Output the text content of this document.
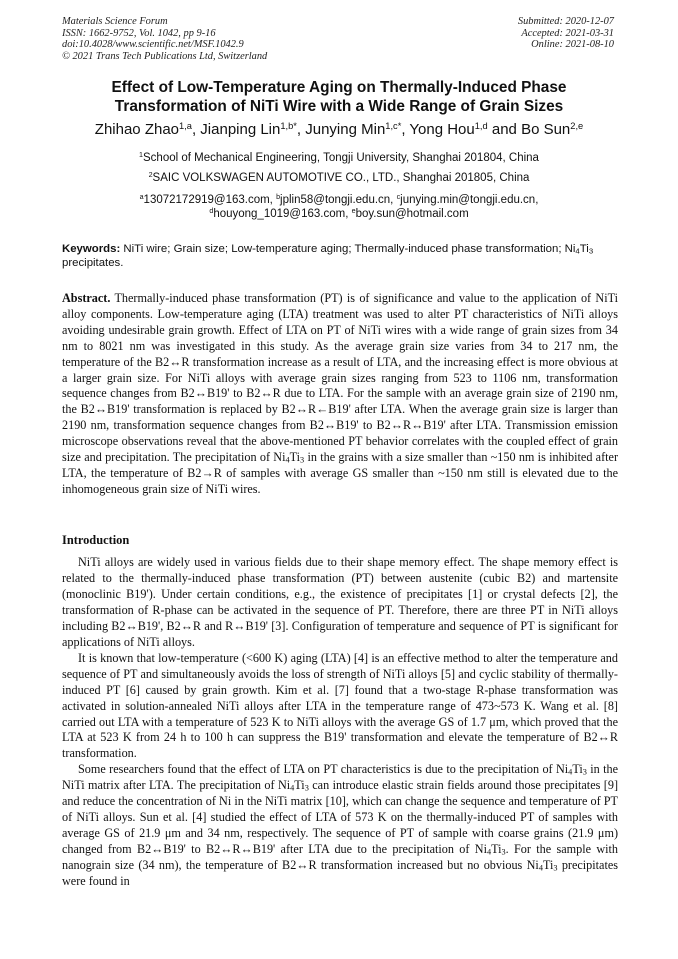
Materials Science Forum
ISSN: 1662-9752, Vol. 1042, pp 9-16
doi:10.4028/www.scientific.net/MSF.1042.9
© 2021 Trans Tech Publications Ltd, Switzerland
Submitted: 2020-12-07
Accepted: 2021-03-31
Online: 2021-08-10
Effect of Low-Temperature Aging on Thermally-Induced Phase
Transformation of NiTi Wire with a Wide Range of Grain Sizes
Zhihao Zhao$^{1,a}$, Jianping Lin$^{1,b*}$, Junying Min$^{1,c*}$, Yong Hou$^{1,d}$ and Bo Sun$^{2,e}$
$^1$School of Mechanical Engineering, Tongji University, Shanghai 201804, China
$^2$SAIC VOLKSWAGEN AUTOMOTIVE CO., LTD., Shanghai 201805, China
$^a$13072172919@163.com, $^b$jplin58@tongji.edu.cn, $^c$junying.min@tongji.edu.cn,
$^d$houyong_1019@163.com, $^e$boy.sun@hotmail.com
Keywords: NiTi wire; Grain size; Low-temperature aging; Thermally-induced phase transformation; $Ni_4Ti_3$ precipitates.
Abstract. Thermally-induced phase transformation (PT) is of significance and value to the application of NiTi alloy components. Low-temperature aging (LTA) treatment was used to alter PT characteristics of NiTi alloys avoiding undesirable grain growth. Effect of LTA on PT of NiTi wires with a wide range of grain sizes from 34 nm to 8021 nm was investigated in this study. As the average grain size varies from 34 to 217 nm, the temperature of the B2↔R transformation increase as a result of LTA, and the increasing effect is more obvious at a larger grain size. For NiTi alloys with average grain sizes ranging from 523 to 1106 nm, transformation sequence changes from B2↔B19' to B2↔R due to LTA. For the sample with an average grain size of 2190 nm, the B2↔B19' transformation is replaced by B2↔R←B19' after LTA. When the average grain size is larger than 2190 nm, transformation sequence changes from B2↔B19' to B2↔R↔B19' after LTA. Transmission emission microscope observations reveal that the above-mentioned PT behavior correlates with the coupled effect of grain size and precipitation. The precipitation of $Ni_4Ti_3$ in the grains with a size smaller than ~150 nm is inhibited after LTA, the temperature of B2→R of samples with average GS smaller than ~150 nm still is elevated due to the inhomogeneous grain size of NiTi wires.
Introduction

NiTi alloys are widely used in various fields due to their shape memory effect. The shape memory effect is related to the thermally-induced phase transformation (PT) between austenite (cubic B2) and martensite (monoclinic B19'). Under certain conditions, e.g., the existence of precipitates [1] or crystal defects [2], the transformation of R-phase can be activated in the sequence of PT. Therefore, there are three PT in NiTi alloys including B2↔B19', B2↔R and R↔B19' [3]. Configuration of temperature and sequence of PT is significant for applications of NiTi alloys.

It is known that low-temperature (<600 K) aging (LTA) [4] is an effective method to alter the temperature and sequence of PT and simultaneously avoids the loss of strength of NiTi alloys [5] and cyclic stability of thermally-induced PT [6] caused by grain growth. Kim et al. [7] found that a two-stage R-phase transformation was activated in solution-annealed NiTi alloys after LTA in the temperature range of 473~573 K. Wang et al. [8] carried out LTA with a temperature of 523 K to NiTi alloys with the average GS of 1.7 μm, which proved that the LTA at 523 K from 24 h to 100 h can suppress the B19' transformation and elevate the temperature of B2↔R transformation.

Some researchers found that the effect of LTA on PT characteristics is due to the precipitation of $Ni_4Ti_3$ in the NiTi matrix after LTA. The precipitation of $Ni_4Ti_3$ can introduce elastic strain fields around those precipitates [9] and reduce the concentration of Ni in the NiTi matrix [10], which can change the sequence and temperature of PT of NiTi alloys. Sun et al. [4] studied the effect of LTA of 573 K on the thermally-induced PT of samples with average GS of 21.9 μm and 34 nm, respectively. The sequence of PT of sample with coarse grains (21.9 μm) changed from B2↔B19' to B2↔R↔B19' after LTA due to the precipitation of $Ni_4Ti_3$. For the sample with nanograin size (34 nm), the temperature of B2↔R transformation increased but no obvious $Ni_4Ti_3$ precipitates were found in
